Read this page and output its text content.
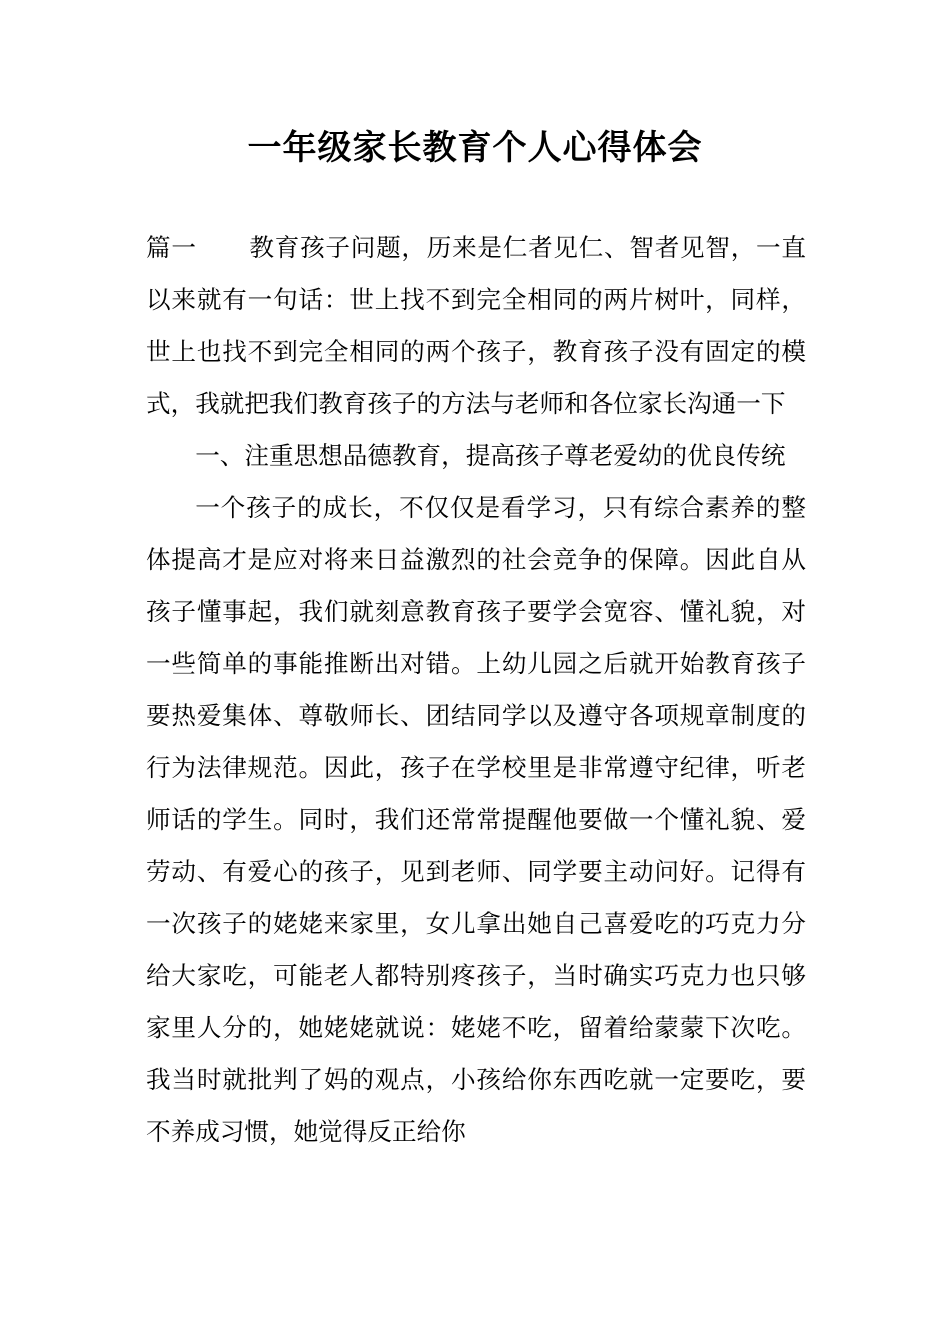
一年级家长教育个人心得体会

篇一 教育孩子问题，历来是仁者见仁、智者见智，一直以来就有一句话：世上找不到完全相同的两片树叶，同样，世上也找不到完全相同的两个孩子，教育孩子没有固定的模式，我就把我们教育孩子的方法与老师和各位家长沟通一下

一、注重思想品德教育，提高孩子尊老爱幼的优良传统

一个孩子的成长，不仅仅是看学习，只有综合素养的整体提高才是应对将来日益激烈的社会竞争的保障。因此自从孩子懂事起，我们就刻意教育孩子要学会宽容、懂礼貌，对一些简单的事能推断出对错。上幼儿园之后就开始教育孩子要热爱集体、尊敬师长、团结同学以及遵守各项规章制度的行为法律规范。因此，孩子在学校里是非常遵守纪律，听老师话的学生。同时，我们还常常提醒他要做一个懂礼貌、爱劳动、有爱心的孩子，见到老师、同学要主动问好。记得有一次孩子的姥姥来家里，女儿拿出她自己喜爱吃的巧克力分给大家吃，可能老人都特别疼孩子，当时确实巧克力也只够家里人分的，她姥姥就说：姥姥不吃，留着给蒙蒙下次吃。我当时就批判了妈的观点，小孩给你东西吃就一定要吃，要不养成习惯，她觉得反正给你
